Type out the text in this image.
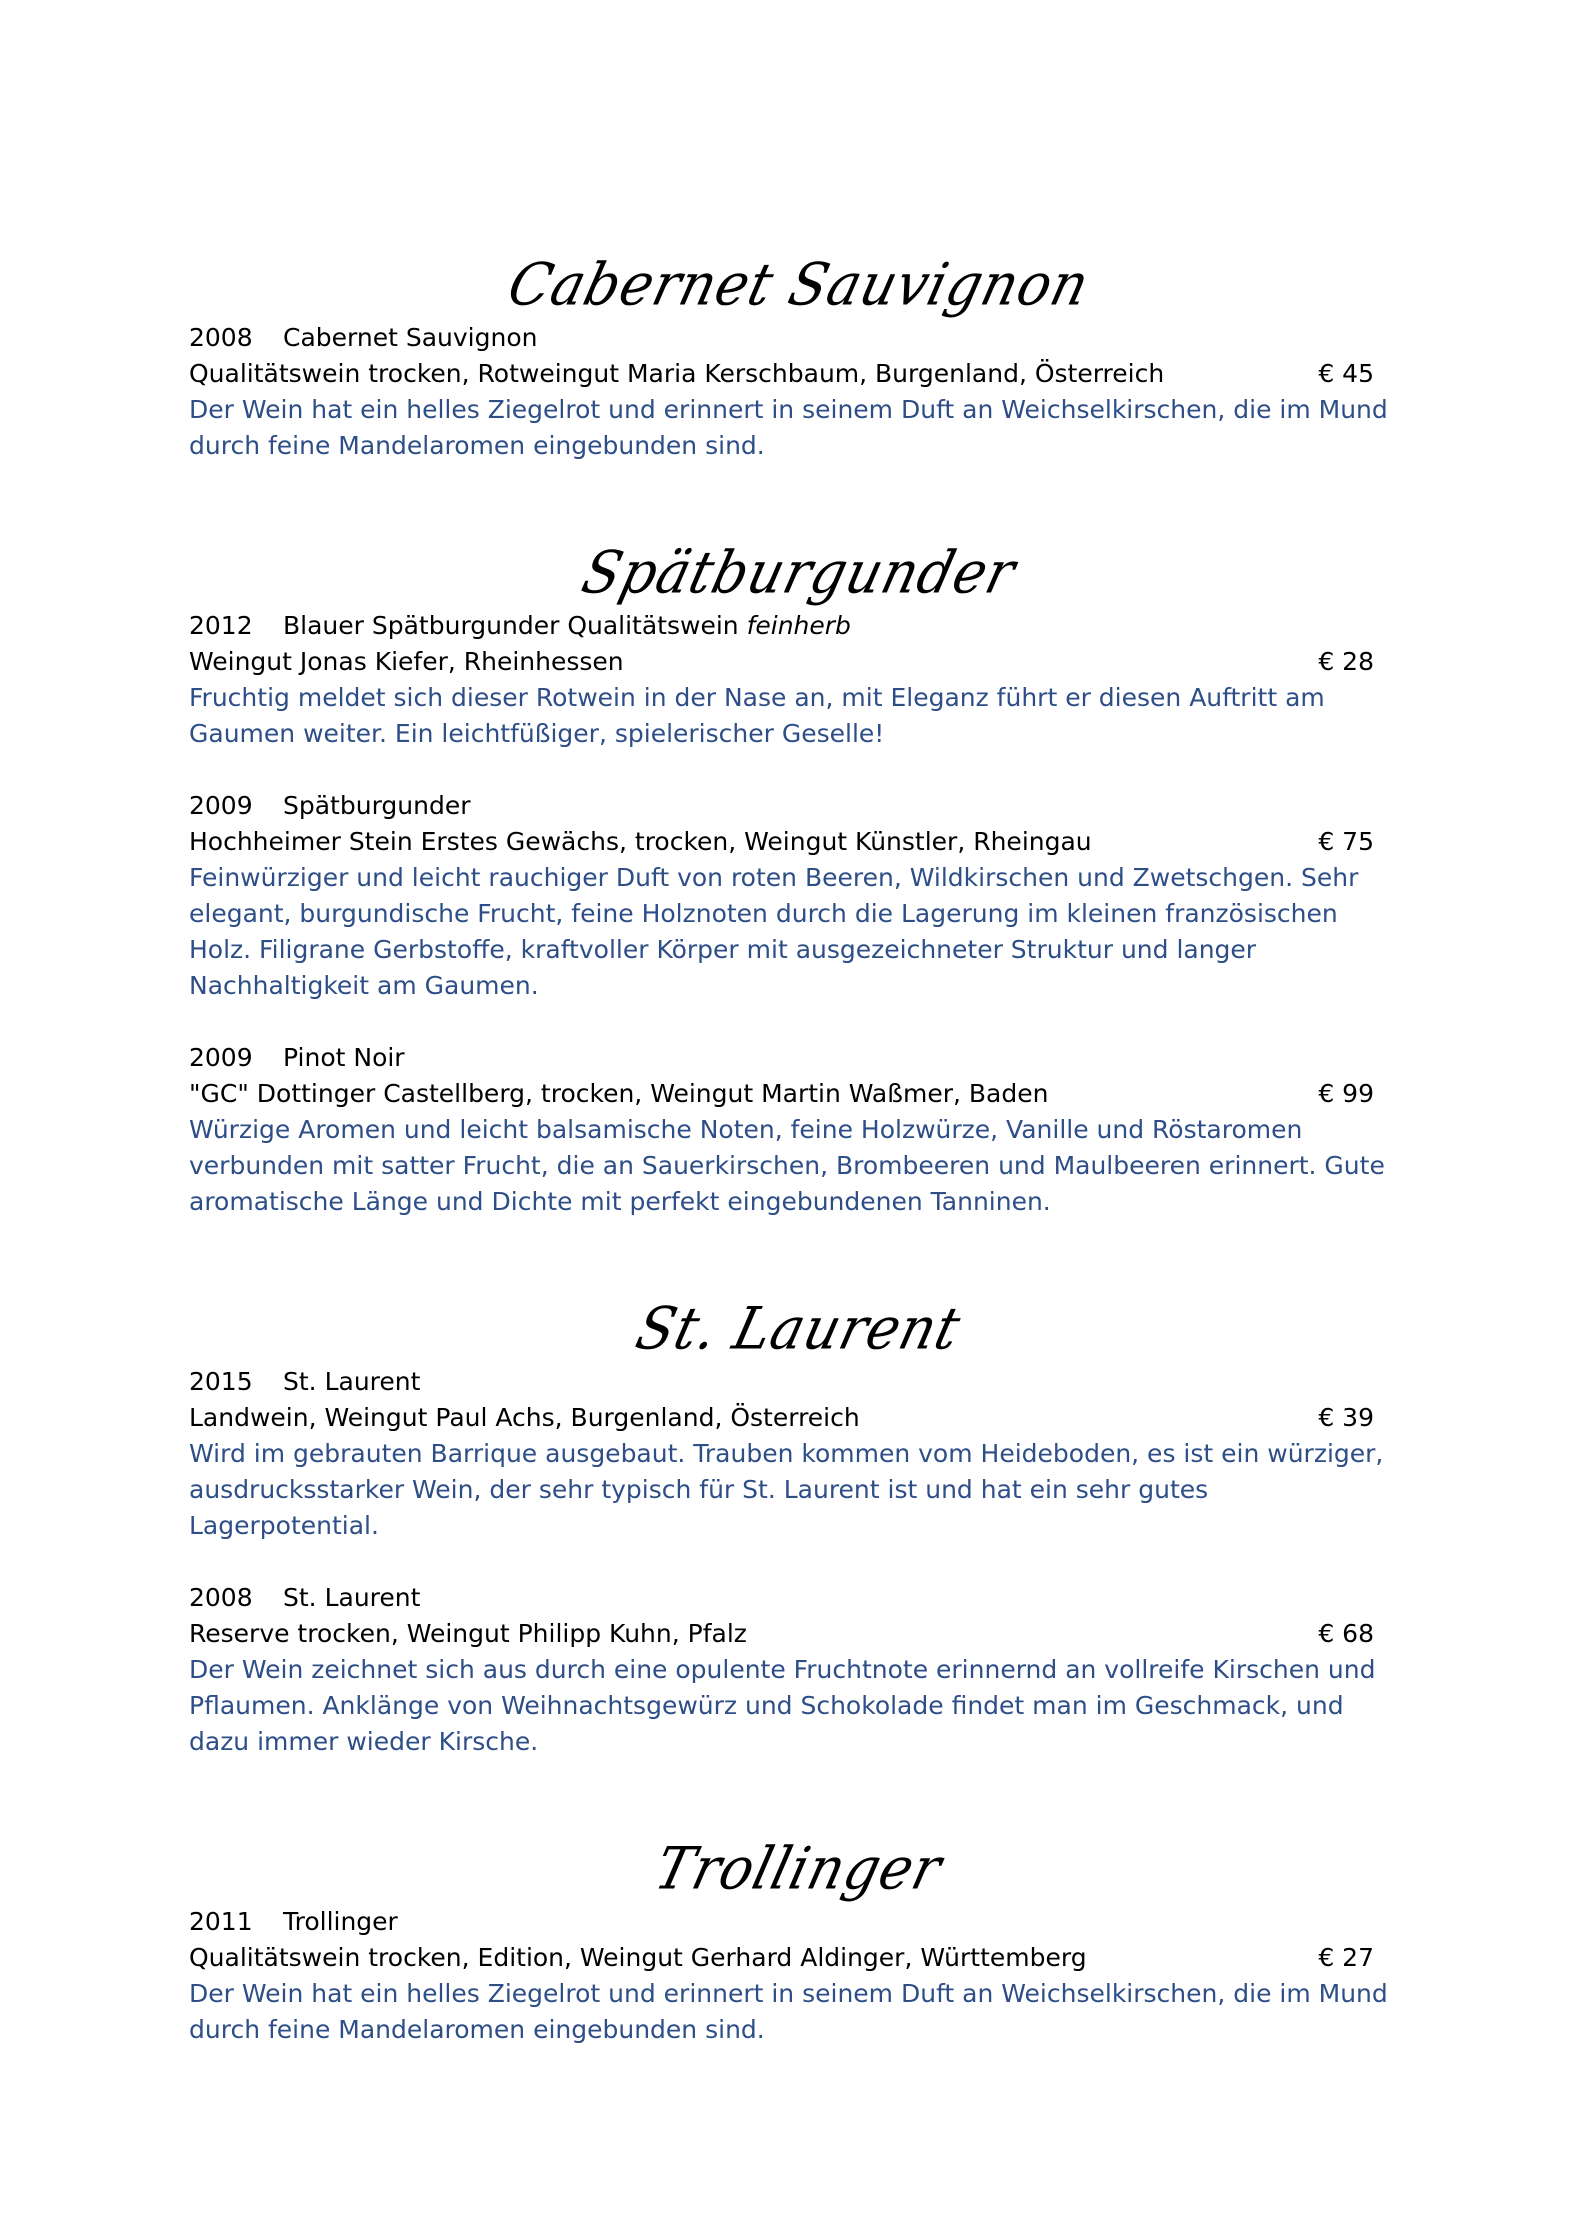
Cabernet Sauvignon
2008 Cabernet Sauvignon
Qualitätswein trocken, Rotweingut Maria Kerschbaum, Burgenland, Österreich	€ 45
Der Wein hat ein helles Ziegelrot und erinnert in seinem Duft an Weichselkirschen, die im Mund durch feine Mandelaromen eingebunden sind.
Spätburgunder
2012 Blauer Spätburgunder Qualitätswein feinherb
Weingut Jonas Kiefer, Rheinhessen	€ 28
Fruchtig meldet sich dieser Rotwein in der Nase an, mit Eleganz führt er diesen Auftritt am Gaumen weiter. Ein leichtfüßiger, spielerischer Geselle!
2009 Spätburgunder
Hochheimer Stein Erstes Gewächs, trocken, Weingut Künstler, Rheingau	€ 75
Feinwürziger und leicht rauchiger Duft von roten Beeren, Wildkirschen und Zwetschgen. Sehr elegant, burgundische Frucht, feine Holznoten durch die Lagerung im kleinen französischen Holz. Filigrane Gerbstoffe, kraftvoller Körper mit ausgezeichneter Struktur und langer Nachhaltigkeit am Gaumen.
2009 Pinot Noir
"GC" Dottinger Castellberg, trocken, Weingut Martin Waßmer, Baden	€ 99
Würzige Aromen und leicht balsamische Noten, feine Holzwürze, Vanille und Röstaromen verbunden mit satter Frucht, die an Sauerkirschen, Brombeeren und Maulbeeren erinnert. Gute aromatische Länge und Dichte mit perfekt eingebundenen Tanninen.
St. Laurent
2015 St. Laurent
Landwein, Weingut Paul Achs, Burgenland, Österreich	€ 39
Wird im gebrauten Barrique ausgebaut. Trauben kommen vom Heideboden, es ist ein würziger, ausdrucksstarker Wein, der sehr typisch für St. Laurent ist und hat ein sehr gutes Lagerpotential.
2008 St. Laurent
Reserve trocken, Weingut Philipp Kuhn, Pfalz	€ 68
Der Wein zeichnet sich aus durch eine opulente Fruchtnote erinnernd an vollreife Kirschen und Pflaumen. Anklänge von Weihnachtsgewürz und Schokolade findet man im Geschmack, und dazu immer wieder Kirsche.
Trollinger
2011 Trollinger
Qualitätswein trocken, Edition, Weingut Gerhard Aldinger, Württemberg	€ 27
Der Wein hat ein helles Ziegelrot und erinnert in seinem Duft an Weichselkirschen, die im Mund durch feine Mandelaromen eingebunden sind.
